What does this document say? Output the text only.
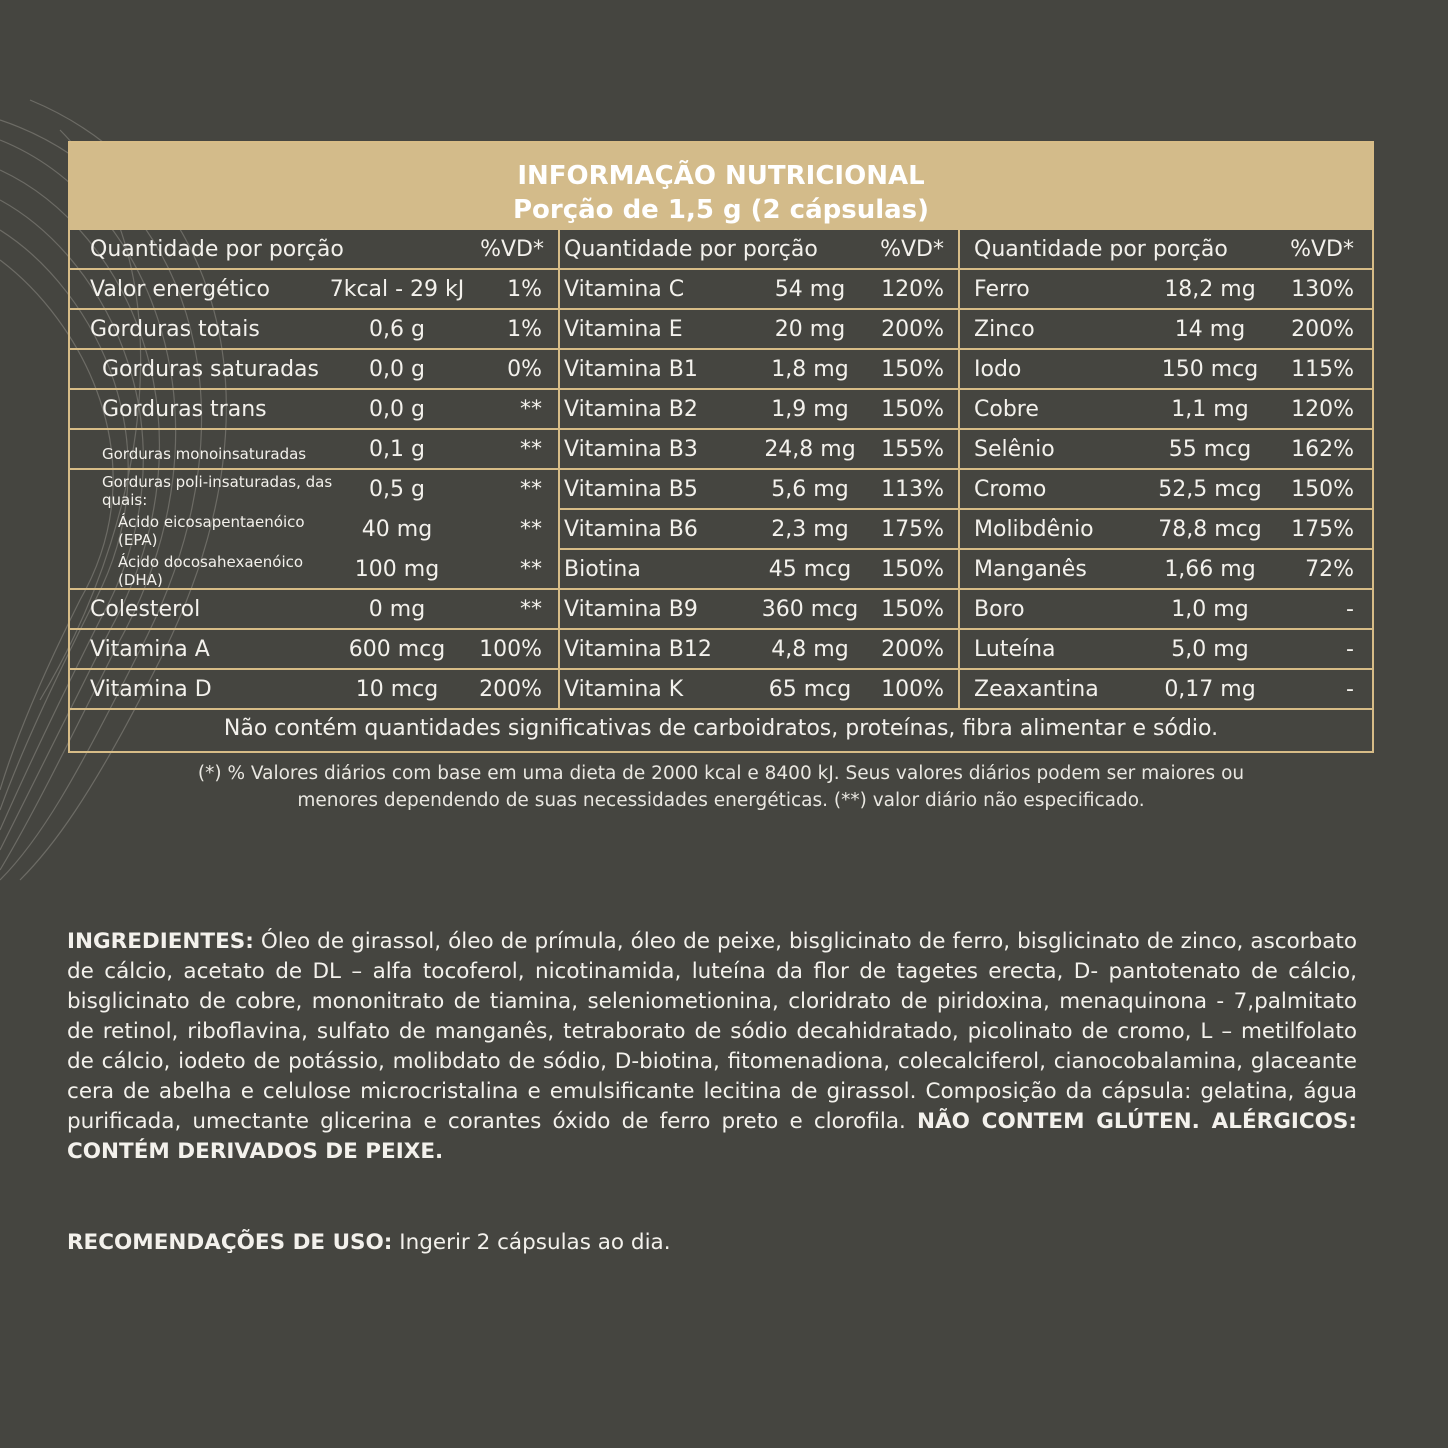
INFORMAÇÃO NUTRICIONAL
Porção de 1,5 g (2 cápsulas)
Quantidade por porção	%VD*
Valor energético	7kcal - 29 kJ	1%
Gorduras totais	0,6 g	1%
Gorduras saturadas	0,0 g	0%
Gorduras trans	0,0 g	**
Gorduras monoinsaturadas	0,1 g	**
Gorduras poli-insaturadas, das quais:	0,5 g	**
Ácido eicosapentaenóico (EPA)	40 mg	**
Ácido docosahexaenóico (DHA)	100 mg	**
Colesterol	0 mg	**
Vitamina A	600 mcg	100%
Vitamina D	10 mcg	200%
Quantidade por porção	%VD*
Vitamina C	54 mg	120%
Vitamina E	20 mg	200%
Vitamina B1	1,8 mg	150%
Vitamina B2	1,9 mg	150%
Vitamina B3	24,8 mg	155%
Vitamina B5	5,6 mg	113%
Vitamina B6	2,3 mg	175%
Biotina	45 mcg	150%
Vitamina B9	360 mcg	150%
Vitamina B12	4,8 mg	200%
Vitamina K	65 mcg	100%
Quantidade por porção	%VD*
Ferro	18,2 mg	130%
Zinco	14 mg	200%
Iodo	150 mcg	115%
Cobre	1,1 mg	120%
Selênio	55 mcg	162%
Cromo	52,5 mcg	150%
Molibdênio	78,8 mcg	175%
Manganês	1,66 mg	72%
Boro	1,0 mg	-
Luteína	5,0 mg	-
Zeaxantina	0,17 mg	-
Não contém quantidades significativas de carboidratos, proteínas, fibra alimentar e sódio.
(*) % Valores diários com base em uma dieta de 2000 kcal e 8400 kJ. Seus valores diários podem ser maiores ou
menores dependendo de suas necessidades energéticas. (**) valor diário não especificado.
INGREDIENTES: Óleo de girassol, óleo de prímula, óleo de peixe, bisglicinato de ferro, bisglicinato de zinco, ascorbato de cálcio, acetato de DL – alfa tocoferol, nicotinamida, luteína da flor de tagetes erecta, D- pantotenato de cálcio, bisglicinato de cobre, mononitrato de tiamina, seleniometionina, cloridrato de piridoxina, menaquinona - 7,palmitato de retinol, riboflavina, sulfato de manganês, tetraborato de sódio decahidratado, picolinato de cromo, L – metilfolato de cálcio, iodeto de potássio, molibdato de sódio, D-biotina, fitomenadiona, colecalciferol, cianocobalamina, glaceante cera de abelha e celulose microcristalina e emulsificante lecitina de girassol. Composição da cápsula: gelatina, água purificada, umectante glicerina e corantes óxido de ferro preto e clorofila. NÃO CONTEM GLÚTEN. ALÉRGICOS: CONTÉM DERIVADOS DE PEIXE.
RECOMENDAÇÕES DE USO: Ingerir 2 cápsulas ao dia.
